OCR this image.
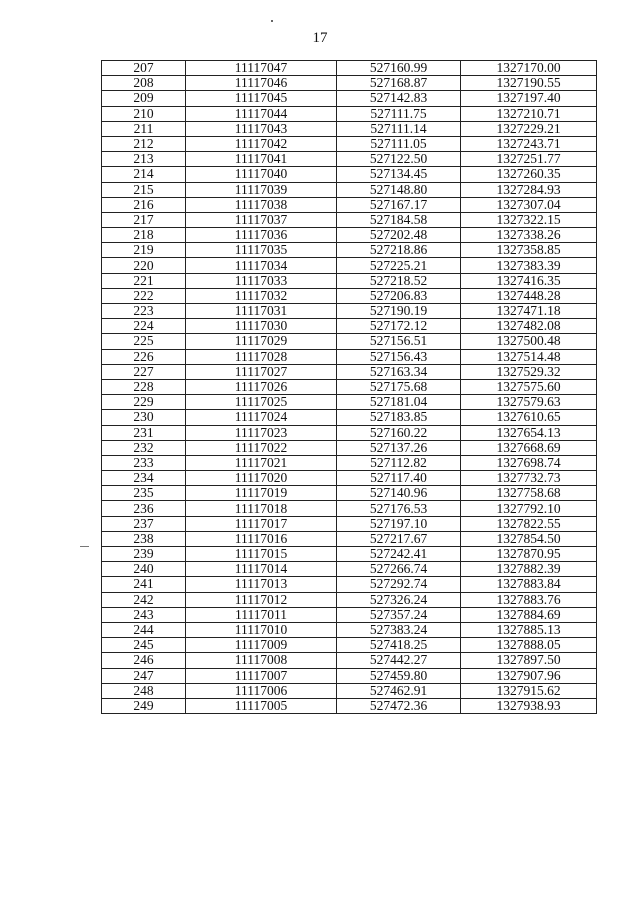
17
207	11117047	527160.99	1327170.00
208	11117046	527168.87	1327190.55
209	11117045	527142.83	1327197.40
210	11117044	527111.75	1327210.71
211	11117043	527111.14	1327229.21
212	11117042	527111.05	1327243.71
213	11117041	527122.50	1327251.77
214	11117040	527134.45	1327260.35
215	11117039	527148.80	1327284.93
216	11117038	527167.17	1327307.04
217	11117037	527184.58	1327322.15
218	11117036	527202.48	1327338.26
219	11117035	527218.86	1327358.85
220	11117034	527225.21	1327383.39
221	11117033	527218.52	1327416.35
222	11117032	527206.83	1327448.28
223	11117031	527190.19	1327471.18
224	11117030	527172.12	1327482.08
225	11117029	527156.51	1327500.48
226	11117028	527156.43	1327514.48
227	11117027	527163.34	1327529.32
228	11117026	527175.68	1327575.60
229	11117025	527181.04	1327579.63
230	11117024	527183.85	1327610.65
231	11117023	527160.22	1327654.13
232	11117022	527137.26	1327668.69
233	11117021	527112.82	1327698.74
234	11117020	527117.40	1327732.73
235	11117019	527140.96	1327758.68
236	11117018	527176.53	1327792.10
237	11117017	527197.10	1327822.55
238	11117016	527217.67	1327854.50
239	11117015	527242.41	1327870.95
240	11117014	527266.74	1327882.39
241	11117013	527292.74	1327883.84
242	11117012	527326.24	1327883.76
243	11117011	527357.24	1327884.69
244	11117010	527383.24	1327885.13
245	11117009	527418.25	1327888.05
246	11117008	527442.27	1327897.50
247	11117007	527459.80	1327907.96
248	11117006	527462.91	1327915.62
249	11117005	527472.36	1327938.93
